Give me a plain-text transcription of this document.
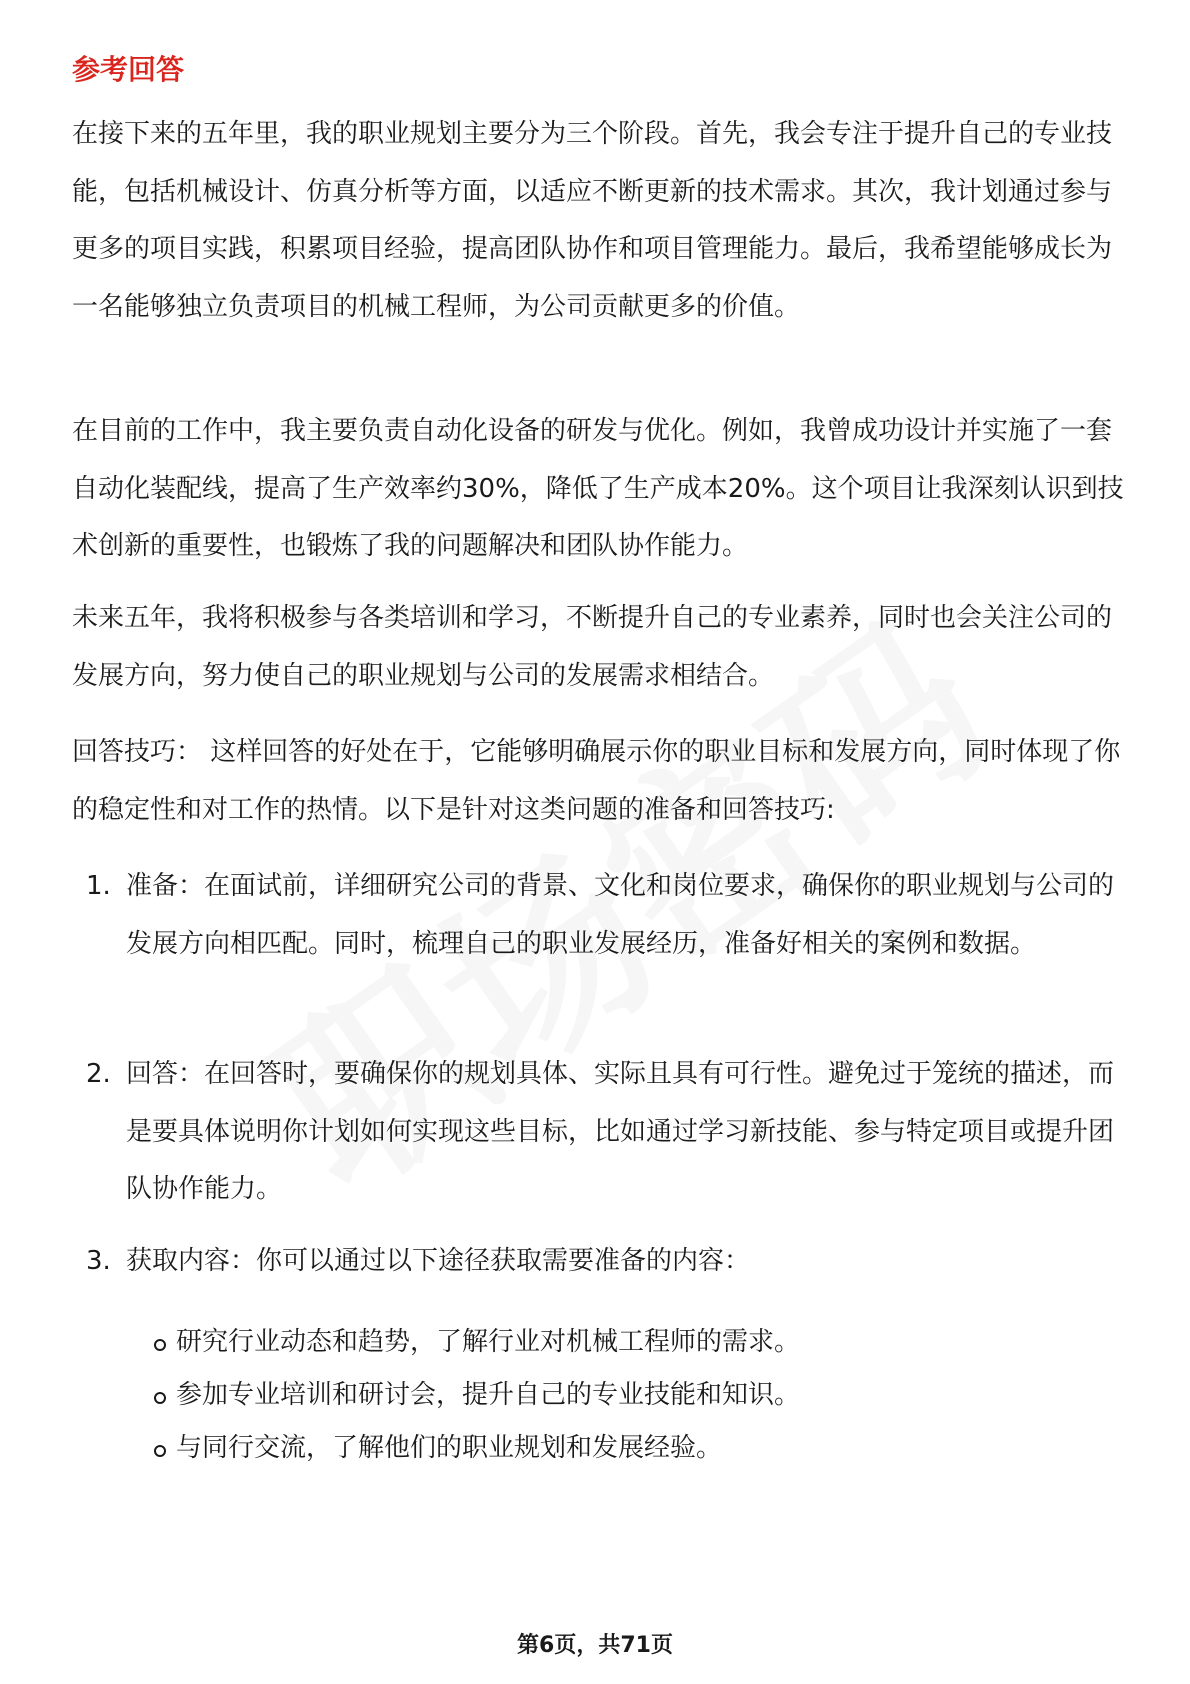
参考回答

在接下来的五年里，我的职业规划主要分为三个阶段。首先，我会专注于提升自己的专业技能，包括机械设计、仿真分析等方面，以适应不断更新的技术需求。其次，我计划通过参与更多的项目实践，积累项目经验，提高团队协作和项目管理能力。最后，我希望能够成长为一名能够独立负责项目的机械工程师，为公司贡献更多的价值。

在目前的工作中，我主要负责自动化设备的研发与优化。例如，我曾成功设计并实施了一套自动化装配线，提高了生产效率约30%，降低了生产成本20%。这个项目让我深刻认识到技术创新的重要性，也锻炼了我的问题解决和团队协作能力。

未来五年，我将积极参与各类培训和学习，不断提升自己的专业素养，同时也会关注公司的发展方向，努力使自己的职业规划与公司的发展需求相结合。

回答技巧： 这样回答的好处在于，它能够明确展示你的职业目标和发展方向，同时体现了你的稳定性和对工作的热情。以下是针对这类问题的准备和回答技巧:

1. 准备：在面试前，详细研究公司的背景、文化和岗位要求，确保你的职业规划与公司的发展方向相匹配。同时，梳理自己的职业发展经历，准备好相关的案例和数据。

2. 回答：在回答时，要确保你的规划具体、实际且具有可行性。避免过于笼统的描述，而是要具体说明你计划如何实现这些目标，比如通过学习新技能、参与特定项目或提升团队协作能力。

3. 获取内容：你可以通过以下途径获取需要准备的内容：

研究行业动态和趋势，了解行业对机械工程师的需求。

参加专业培训和研讨会，提升自己的专业技能和知识。

与同行交流，了解他们的职业规划和发展经验。

第6页，共71页
